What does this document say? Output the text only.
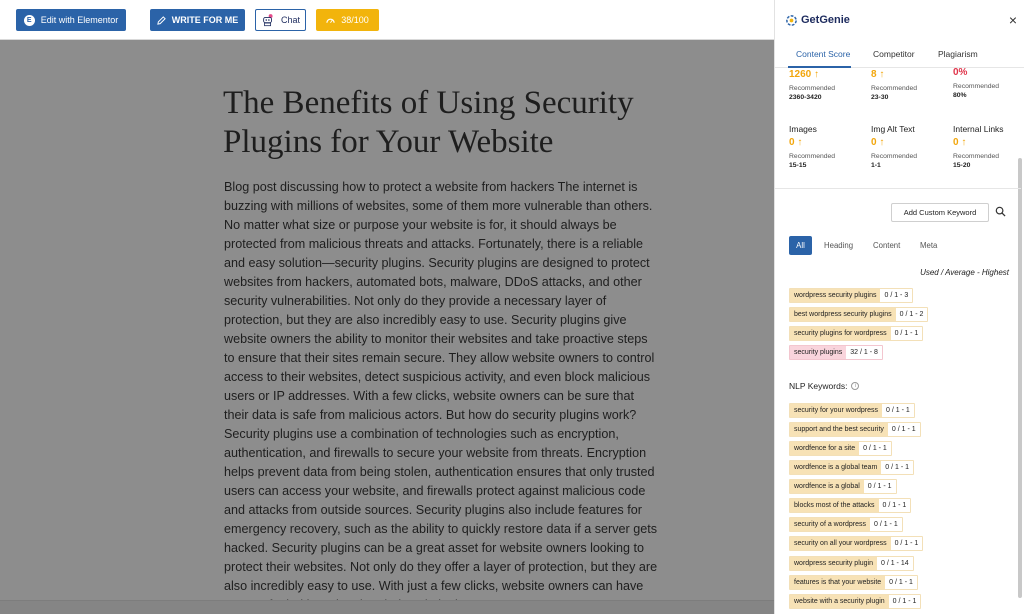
E	Edit with Elementor	WRITE FOR ME	Chat	38/100
The Benefits of Using Security Plugins for Your Website

Blog post discussing how to protect a website from hackers The internet is buzzing with millions of websites, some of them more vulnerable than others. No matter what size or purpose your website is for, it should always be protected from malicious threats and attacks. Fortunately, there is a reliable and easy solution—security plugins. Security plugins are designed to protect websites from hackers, automated bots, malware, DDoS attacks, and other security vulnerabilities. Not only do they provide a necessary layer of protection, but they are also incredibly easy to use. Security plugins give website owners the ability to monitor their websites and take proactive steps to ensure that their sites remain secure. They allow website owners to control access to their websites, detect suspicious activity, and even block malicious users or IP addresses. With a few clicks, website owners can be sure that their data is safe from malicious actors. But how do security plugins work? Security plugins use a combination of technologies such as encryption, authentication, and firewalls to secure your website from threats. Encryption helps prevent data from being stolen, authentication ensures that only trusted users can access your website, and firewalls protect against malicious code and attacks from outside sources. Security plugins also include features for emergency recovery, such as the ability to quickly restore data if a server gets hacked. Security plugins can be a great asset for website owners looking to protect their websites. Not only do they offer a layer of protection, but they are also incredibly easy to use. With just a few clicks, website owners can have

GetGenie	×
Content Score	Competitor	Plagiarism
1260 ↑
Recommended
2360-3420
8 ↑
Recommended
23-30
0%
Recommended
80%
Images
0 ↑
Recommended
15-15
Img Alt Text
0 ↑
Recommended
1-1
Internal Links
0 ↑
Recommended
15-20
Add Custom Keyword
All	Heading	Content	Meta
Used / Average - Highest
wordpress security plugins	0 / 1 - 3
best wordpress security plugins	0 / 1 - 2
security plugins for wordpress	0 / 1 - 1
security plugins	32 / 1 - 8
NLP Keywords:	i
security for your wordpress	0 / 1 - 1
support and the best security	0 / 1 - 1
wordfence for a site	0 / 1 - 1
wordfence is a global team	0 / 1 - 1
wordfence is a global	0 / 1 - 1
blocks most of the attacks	0 / 1 - 1
security of a wordpress	0 / 1 - 1
security on all your wordpress	0 / 1 - 1
wordpress security plugin	0 / 1 - 14
features is that your website	0 / 1 - 1
website with a security plugin	0 / 1 - 1
